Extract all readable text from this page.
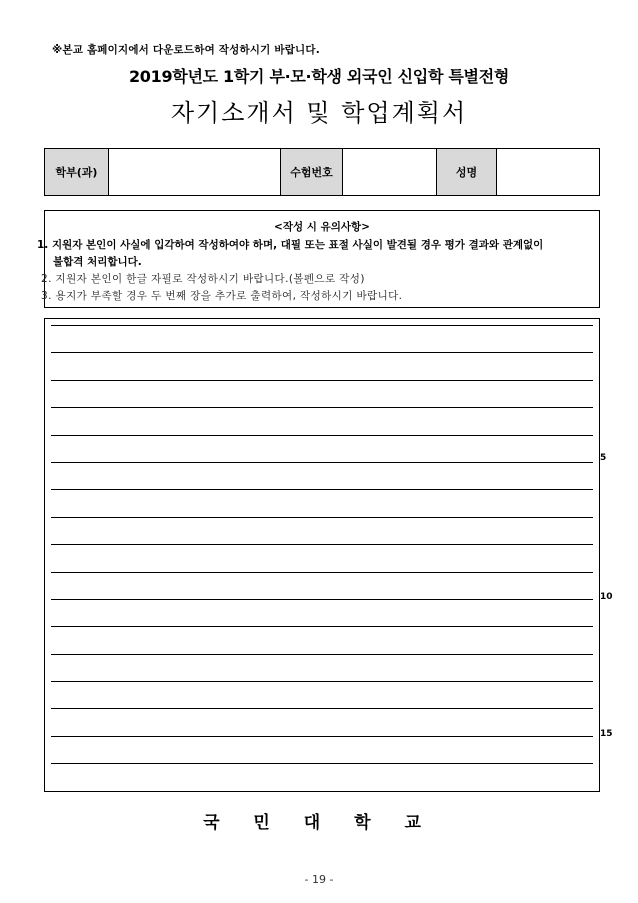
※본교 홈페이지에서 다운로드하여 작성하시기 바랍니다.
2019학년도 1학기 부·모·학생 외국인 신입학 특별전형
자기소개서 및 학업계획서
학부(과)	수험번호	성명
<작성 시 유의사항>
1. 지원자 본인이 사실에 입각하여 작성하여야 하며, 대필 또는 표절 사실이 발견될 경우 평가 결과와 관계없이
불합격 처리합니다.
2. 지원자 본인이 한글 자필로 작성하시기 바랍니다.(볼펜으로 작성)
3. 용지가 부족할 경우 두 번째 장을 추가로 출력하여, 작성하시기 바랍니다.
5
10
15
국 민 대 학 교
- 19 -
